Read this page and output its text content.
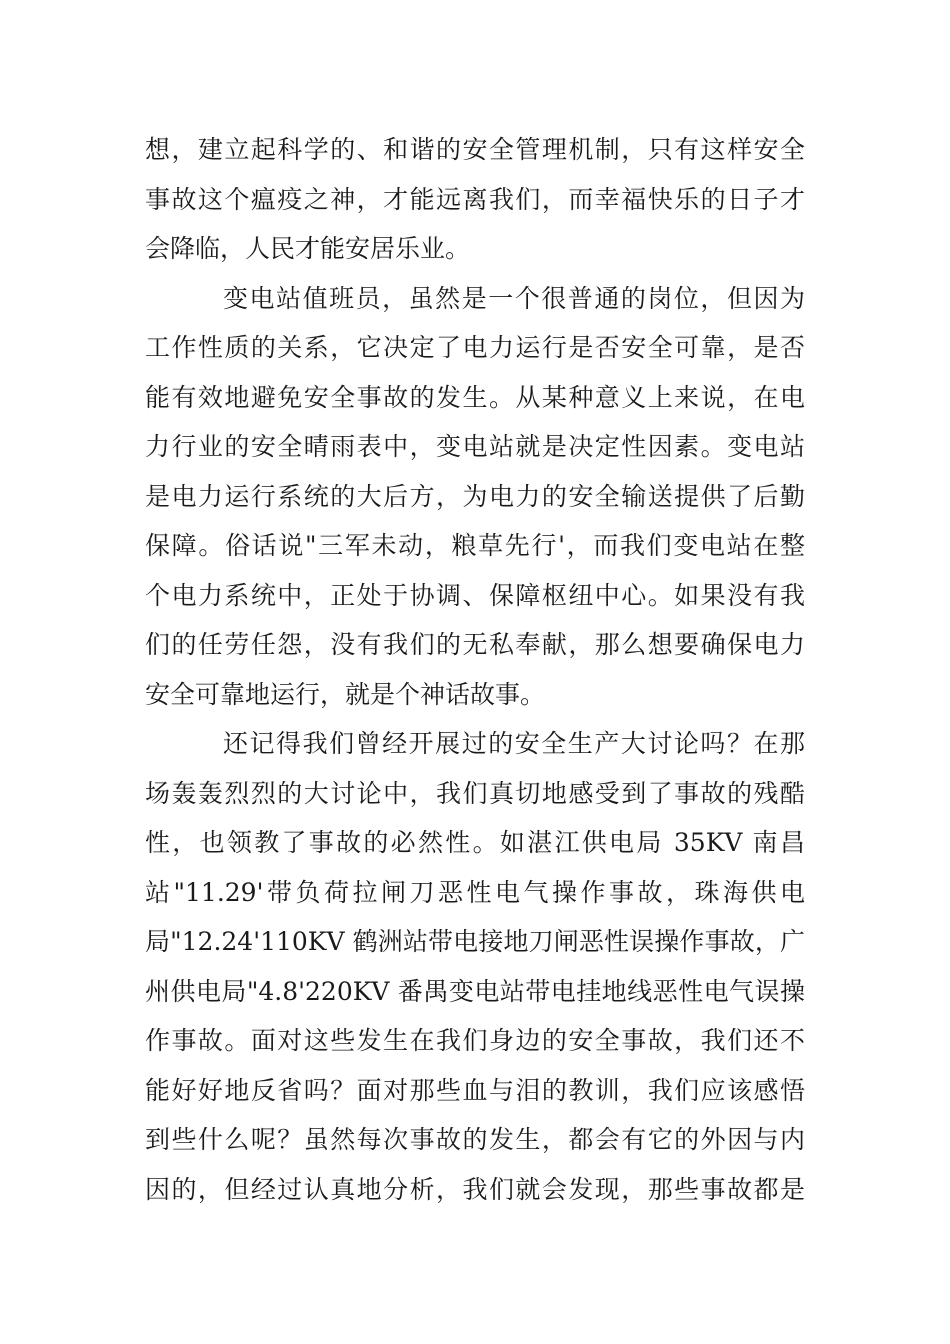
想，建立起科学的、和谐的安全管理机制，只有这样安全
事故这个瘟疫之神，才能远离我们，而幸福快乐的日子才
会降临，人民才能安居乐业。
变电站值班员，虽然是一个很普通的岗位，但因为
工作性质的关系，它决定了电力运行是否安全可靠，是否
能有效地避免安全事故的发生。从某种意义上来说，在电
力行业的安全晴雨表中，变电站就是决定性因素。变电站
是电力运行系统的大后方，为电力的安全输送提供了后勤
保障。俗话说"三军未动，粮草先行'，而我们变电站在整
个电力系统中，正处于协调、保障枢纽中心。如果没有我
们的任劳任怨，没有我们的无私奉献，那么想要确保电力
安全可靠地运行，就是个神话故事。
还记得我们曾经开展过的安全生产大讨论吗？在那
场轰轰烈烈的大讨论中，我们真切地感受到了事故的残酷
性，也领教了事故的必然性。如湛江供电局 35KV 南昌
站"11.29'带负荷拉闸刀恶性电气操作事故，珠海供电
局"12.24'110KV 鹤洲站带电接地刀闸恶性误操作事故，广
州供电局"4.8'220KV 番禺变电站带电挂地线恶性电气误操
作事故。面对这些发生在我们身边的安全事故，我们还不
能好好地反省吗？面对那些血与泪的教训，我们应该感悟
到些什么呢？虽然每次事故的发生，都会有它的外因与内
因的，但经过认真地分析，我们就会发现，那些事故都是
